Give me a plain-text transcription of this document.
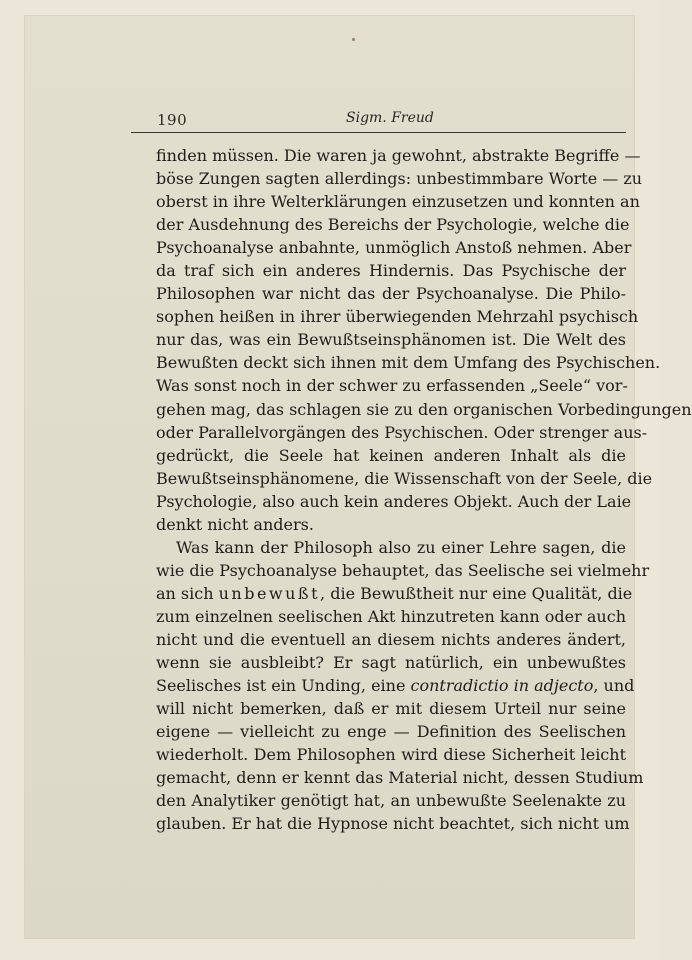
190	Sigm. Freud
finden müssen. Die waren ja gewohnt, abstrakte Begriffe —
böse Zungen sagten allerdings: unbestimmbare Worte — zu
oberst in ihre Welterklärungen einzusetzen und konnten an
der Ausdehnung des Bereichs der Psychologie, welche die
Psychoanalyse anbahnte, unmöglich Anstoß nehmen. Aber
da traf sich ein anderes Hindernis. Das Psychische der
Philosophen war nicht das der Psychoanalyse. Die Philo-
sophen heißen in ihrer überwiegenden Mehrzahl psychisch
nur das, was ein Bewußtseinsphänomen ist. Die Welt des
Bewußten deckt sich ihnen mit dem Umfang des Psychischen.
Was sonst noch in der schwer zu erfassenden „Seele“ vor-
gehen mag, das schlagen sie zu den organischen Vorbedingungen
oder Parallelvorgängen des Psychischen. Oder strenger aus-
gedrückt, die Seele hat keinen anderen Inhalt als die
Bewußtseinsphänomene, die Wissenschaft von der Seele, die
Psychologie, also auch kein anderes Objekt. Auch der Laie
denkt nicht anders.
Was kann der Philosoph also zu einer Lehre sagen, die
wie die Psychoanalyse behauptet, das Seelische sei vielmehr
an sich unbewußt, die Bewußtheit nur eine Qualität, die
zum einzelnen seelischen Akt hinzutreten kann oder auch
nicht und die eventuell an diesem nichts anderes ändert,
wenn sie ausbleibt? Er sagt natürlich, ein unbewußtes
Seelisches ist ein Unding, eine contradictio in adjecto, und
will nicht bemerken, daß er mit diesem Urteil nur seine
eigene — vielleicht zu enge — Definition des Seelischen
wiederholt. Dem Philosophen wird diese Sicherheit leicht
gemacht, denn er kennt das Material nicht, dessen Studium
den Analytiker genötigt hat, an unbewußte Seelenakte zu
glauben. Er hat die Hypnose nicht beachtet, sich nicht um
